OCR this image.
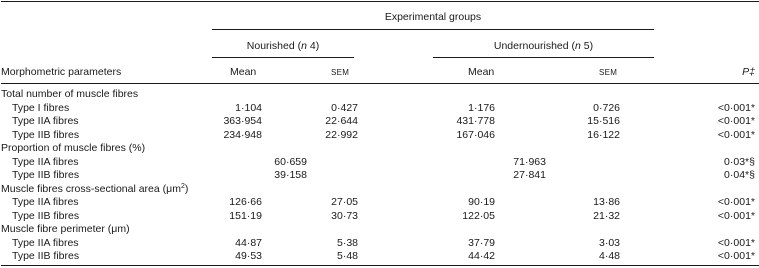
Experimental groups
Nourished (n 4)	Undernourished (n 5)
Morphometric parameters	Mean	SEM	Mean	SEM	P‡
Total number of muscle fibres
Type I fibres	1·104	0·427	1·176	0·726	<0·001*
Type IIA fibres	363·954	22·644	431·778	15·516	<0·001*
Type IIB fibres	234·948	22·992	167·046	16·122	<0·001*
Proportion of muscle fibres (%)
Type IIA fibres	60·659	71·963	0·03*§
Type IIB fibres	39·158	27·841	0·04*§
Muscle fibres cross-sectional area $(\mu m^2)$
Type IIA fibres	126·66	27·05	90·19	13·86	<0·001*
Type IIB fibres	151·19	30·73	122·05	21·32	<0·001*
Muscle fibre perimeter (μm)
Type IIA fibres	44·87	5·38	37·79	3·03	<0·001*
Type IIB fibres	49·53	5·48	44·42	4·48	<0·001*
